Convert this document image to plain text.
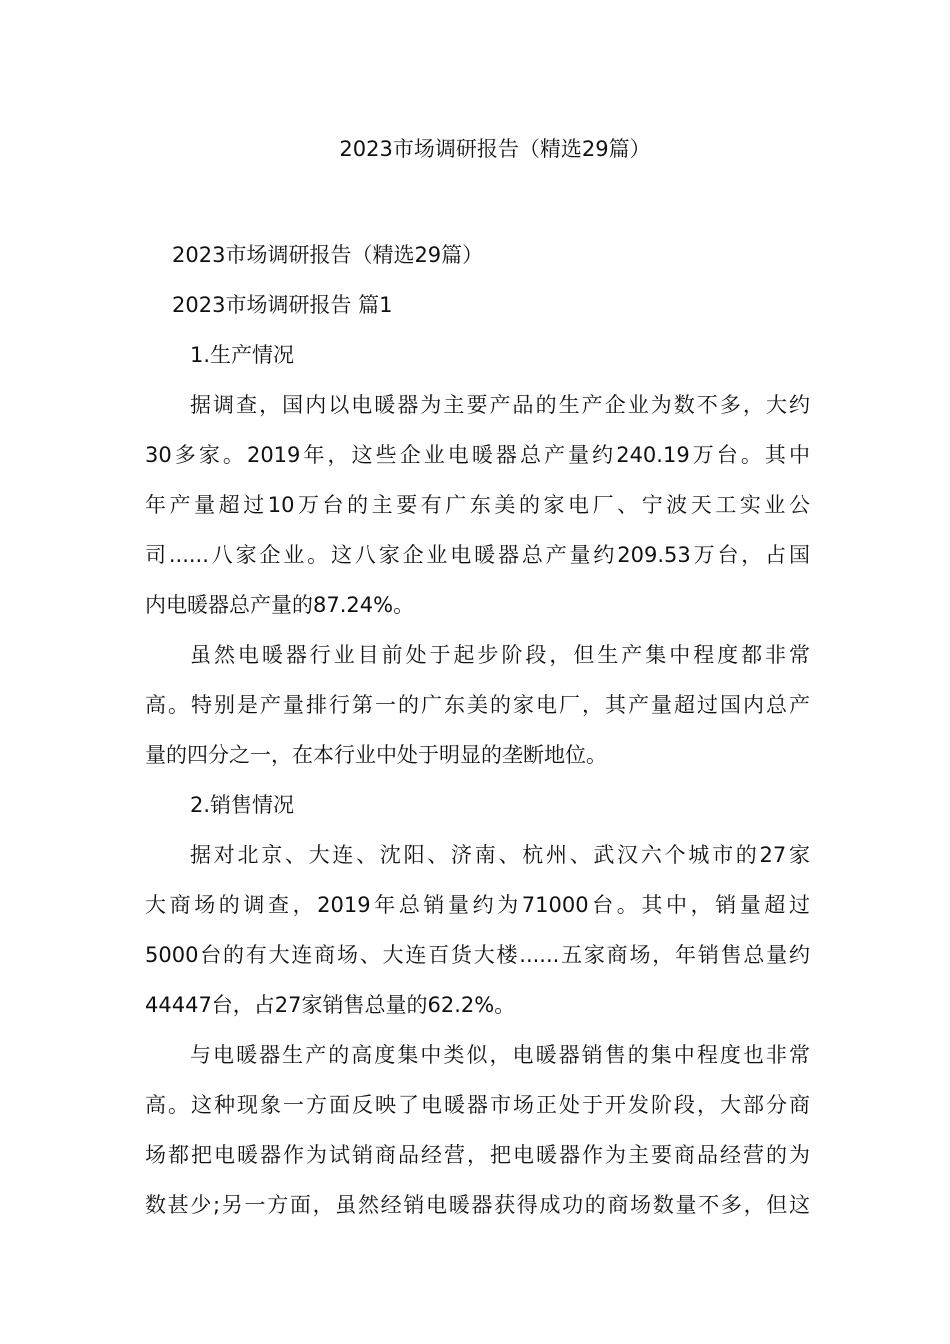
2023市场调研报告（精选29篇）
2023市场调研报告（精选29篇）
2023市场调研报告 篇1
1.生产情况
据调查，国内以电暖器为主要产品的生产企业为数不多，大约
30多家。2019年，这些企业电暖器总产量约240.19万台。其中
年产量超过10万台的主要有广东美的家电厂、宁波天工实业公
司......八家企业。这八家企业电暖器总产量约209.53万台，占国
内电暖器总产量的87.24%。
虽然电暖器行业目前处于起步阶段，但生产集中程度都非常
高。特别是产量排行第一的广东美的家电厂，其产量超过国内总产
量的四分之一，在本行业中处于明显的垄断地位。
2.销售情况
据对北京、大连、沈阳、济南、杭州、武汉六个城市的27家
大商场的调查，2019年总销量约为71000台。其中，销量超过
5000台的有大连商场、大连百货大楼......五家商场，年销售总量约
44447台，占27家销售总量的62.2%。
与电暖器生产的高度集中类似，电暖器销售的集中程度也非常
高。这种现象一方面反映了电暖器市场正处于开发阶段，大部分商
场都把电暖器作为试销商品经营，把电暖器作为主要商品经营的为
数甚少;另一方面，虽然经销电暖器获得成功的商场数量不多，但这
